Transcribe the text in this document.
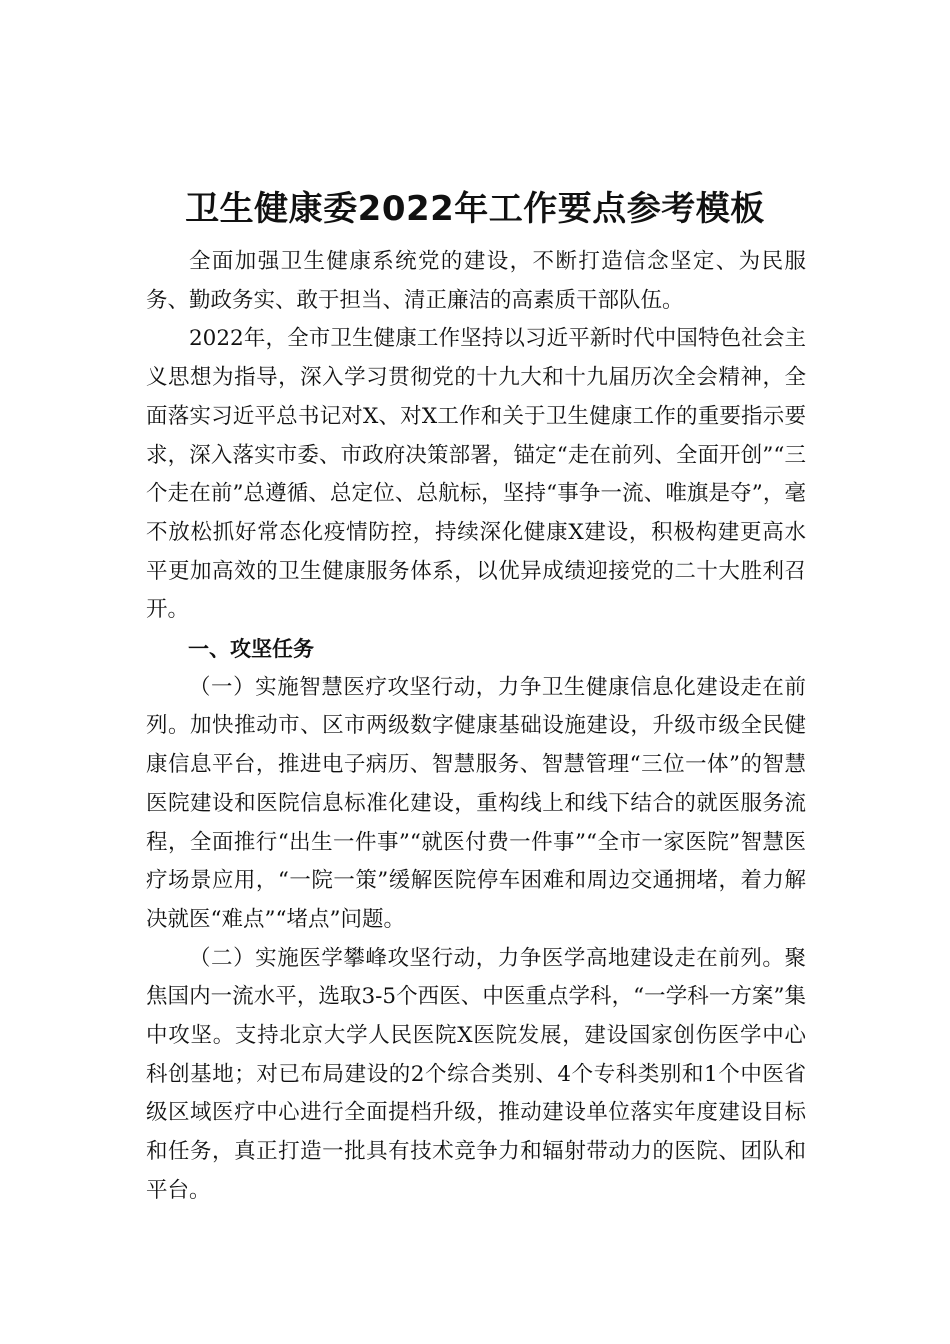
卫生健康委2022年工作要点参考模板

全面加强卫生健康系统党的建设，不断打造信念坚定、为民服务、勤政务实、敢于担当、清正廉洁的高素质干部队伍。

2022年，全市卫生健康工作坚持以习近平新时代中国特色社会主义思想为指导，深入学习贯彻党的十九大和十九届历次全会精神，全面落实习近平总书记对X、对X工作和关于卫生健康工作的重要指示要求，深入落实市委、市政府决策部署，锚定“走在前列、全面开创”“三个走在前”总遵循、总定位、总航标，坚持“事争一流、唯旗是夺”，毫不放松抓好常态化疫情防控，持续深化健康X建设，积极构建更高水平更加高效的卫生健康服务体系，以优异成绩迎接党的二十大胜利召开。

一、攻坚任务

（一）实施智慧医疗攻坚行动，力争卫生健康信息化建设走在前列。加快推动市、区市两级数字健康基础设施建设，升级市级全民健康信息平台，推进电子病历、智慧服务、智慧管理“三位一体”的智慧医院建设和医院信息标准化建设，重构线上和线下结合的就医服务流程，全面推行“出生一件事”“就医付费一件事”“全市一家医院”智慧医疗场景应用，“一院一策”缓解医院停车困难和周边交通拥堵，着力解决就医“难点”“堵点”问题。

（二）实施医学攀峰攻坚行动，力争医学高地建设走在前列。聚焦国内一流水平，选取3-5个西医、中医重点学科，“一学科一方案”集中攻坚。支持北京大学人民医院X医院发展，建设国家创伤医学中心科创基地；对已布局建设的2个综合类别、4个专科类别和1个中医省级区域医疗中心进行全面提档升级，推动建设单位落实年度建设目标和任务，真正打造一批具有技术竞争力和辐射带动力的医院、团队和平台。
